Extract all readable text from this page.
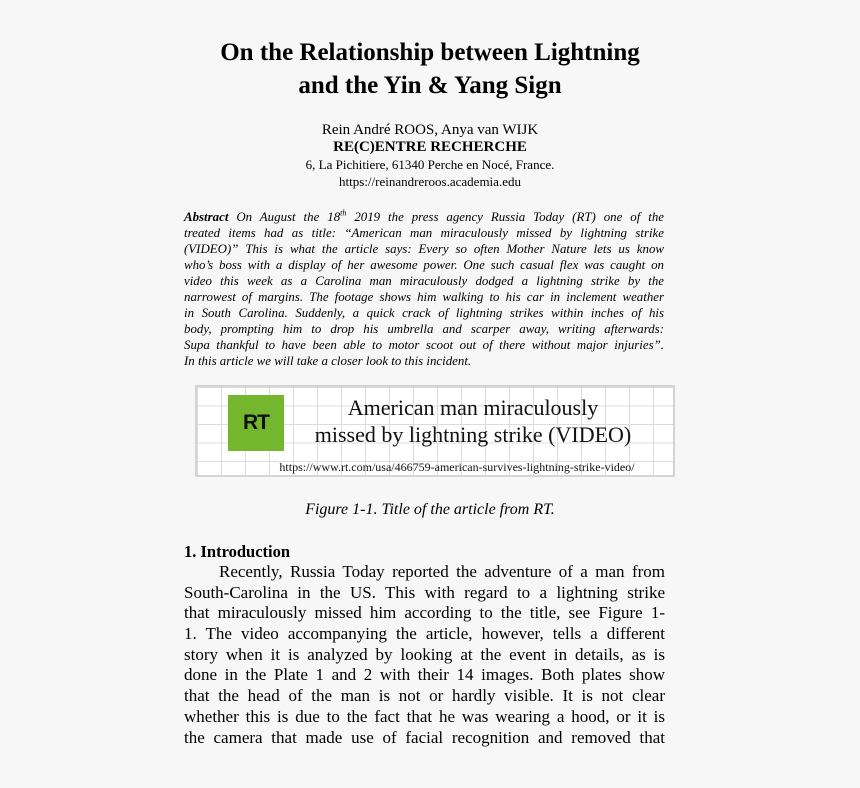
On the Relationship between Lightning
and the Yin & Yang Sign
Rein André ROOS, Anya van WIJK
RE(C)ENTRE RECHERCHE
6, La Pichitiere, 61340 Perche en Nocé, France.
https://reinandreroos.academia.edu
Abstract On August the 18th 2019 the press agency Russia Today (RT) one of the
treated items had as title: “American man miraculously missed by lightning strike
(VIDEO)” This is what the article says: Every so often Mother Nature lets us know
who’s boss with a display of her awesome power. One such casual flex was caught on
video this week as a Carolina man miraculously dodged a lightning strike by the
narrowest of margins. The footage shows him walking to his car in inclement weather
in South Carolina. Suddenly, a quick crack of lightning strikes within inches of his
body, prompting him to drop his umbrella and scarper away, writing afterwards:
Supa thankful to have been able to motor scoot out of there without major injuries”.
In this article we will take a closer look to this incident.
RT
American man miraculously
missed by lightning strike (VIDEO)
https://www.rt.com/usa/466759-american-survives-lightning-strike-video/
Figure 1-1. Title of the article from RT.
1. Introduction
Recently, Russia Today reported the adventure of a man from
South-Carolina in the US. This with regard to a lightning strike
that miraculously missed him according to the title, see Figure 1-
1. The video accompanying the article, however, tells a different
story when it is analyzed by looking at the event in details, as is
done in the Plate 1 and 2 with their 14 images. Both plates show
that the head of the man is not or hardly visible. It is not clear
whether this is due to the fact that he was wearing a hood, or it is
the camera that made use of facial recognition and removed that
